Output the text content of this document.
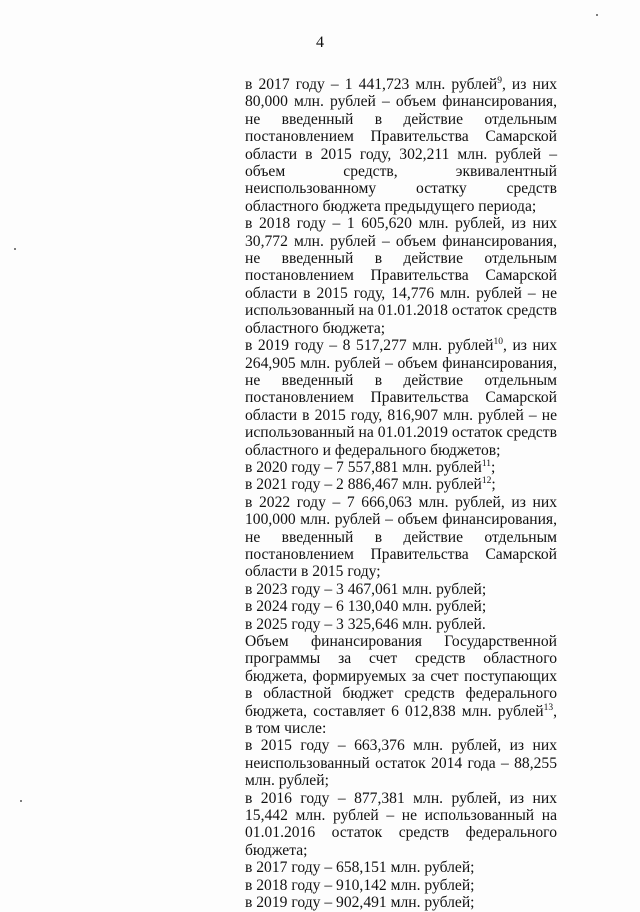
4

в 2017 году – 1 441,723 млн. рублей$^9$, из них 80,000 млн. рублей – объем финансирования, не введенный в действие отдельным постановлением Правительства Самарской области в 2015 году, 302,211 млн. рублей – объем средств, эквивалентный неиспользованному остатку средств областного бюджета предыдущего периода;

в 2018 году – 1 605,620 млн. рублей, из них 30,772 млн. рублей – объем финансирования, не введенный в действие отдельным постановлением Правительства Самарской области в 2015 году, 14,776 млн. рублей – не использованный на 01.01.2018 остаток средств областного бюджета;

в 2019 году – 8 517,277 млн. рублей$^{10}$, из них 264,905 млн. рублей – объем финансирования, не введенный в действие отдельным постановлением Правительства Самарской области в 2015 году, 816,907 млн. рублей – не использованный на 01.01.2019 остаток средств областного и федерального бюджетов;

в 2020 году – 7 557,881 млн. рублей$^{11}$;

в 2021 году – 2 886,467 млн. рублей$^{12}$;

в 2022 году – 7 666,063 млн. рублей, из них 100,000 млн. рублей – объем финансирования, не введенный в действие отдельным постановлением Правительства Самарской области в 2015 году;

в 2023 году – 3 467,061 млн. рублей;

в 2024 году – 6 130,040 млн. рублей;

в 2025 году – 3 325,646 млн. рублей.

Объем финансирования Государственной программы за счет средств областного бюджета, формируемых за счет поступающих в областной бюджет средств федерального бюджета, составляет 6 012,838 млн. рублей$^{13}$, в том числе:

в 2015 году – 663,376 млн. рублей, из них неиспользованный остаток 2014 года – 88,255 млн. рублей;

в 2016 году – 877,381 млн. рублей, из них 15,442 млн. рублей – не использованный на 01.01.2016 остаток средств федерального бюджета;

в 2017 году – 658,151 млн. рублей;

в 2018 году – 910,142 млн. рублей;

в 2019 году – 902,491 млн. рублей;
